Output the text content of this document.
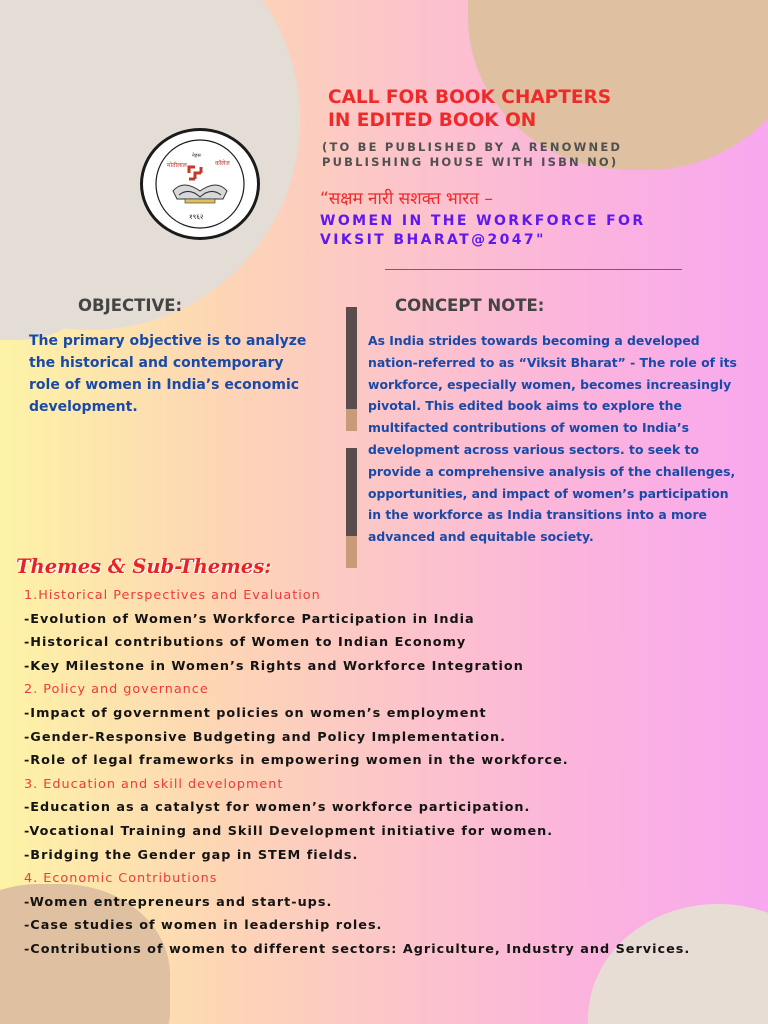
मोतीलाल	कॉलेज
नेहरू
१९६२
CALL FOR BOOK CHAPTERS
IN EDITED BOOK ON
(TO BE PUBLISHED BY A RENOWNED
PUBLISHING HOUSE WITH ISBN NO)
“सक्षम नारी सशक्त भारत –
WOMEN IN THE WORKFORCE FOR
VIKSIT BHARAT@2047"
OBJECTIVE:	CONCEPT NOTE:
The primary objective is to analyze the historical and contemporary role of women in India’s economic development.
As India strides towards becoming a developed nation-referred to as “Viksit Bharat” - The role of its workforce, especially women, becomes increasingly pivotal. This edited book aims to explore the multifacted contributions of women to India’s development across various sectors. to seek to provide a comprehensive analysis of the challenges, opportunities, and impact of women’s participation in the workforce as India transitions into a more advanced and equitable society.
Themes & Sub-Themes:
1.Historical Perspectives and Evaluation
-Evolution of Women’s Workforce Participation in India
-Historical contributions of Women to Indian Economy
-Key Milestone in Women’s Rights and Workforce Integration
2. Policy and governance
-Impact of government policies on women’s employment
-Gender-Responsive Budgeting and Policy Implementation.
-Role of legal frameworks in empowering women in the workforce.
3. Education and skill development
-Education as a catalyst for women’s workforce participation.
-Vocational Training and Skill Development initiative for women.
-Bridging the Gender gap in STEM fields.
4. Economic Contributions
-Women entrepreneurs and start-ups.
-Case studies of women in leadership roles.
-Contributions of women to different sectors: Agriculture, Industry and Services.
